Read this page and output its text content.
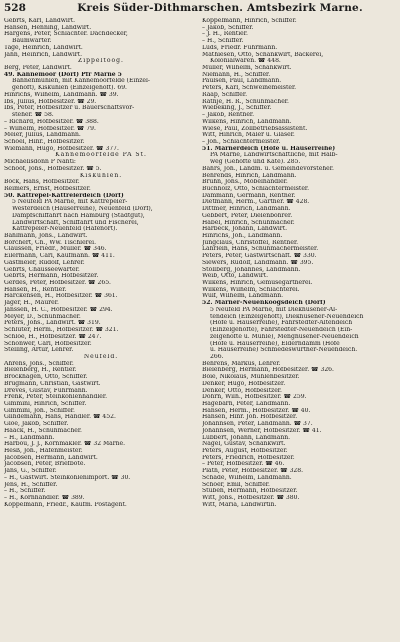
528	Kreis Süder-Dithmarschen. Amtsbezirk Marne.
Gebrts, Karl, Landwirt.
Hansen, Henning, Landwirt.
Hargens, Peter, Schlachter. Dachdecker,
Baumwärter.
Tage, Heinrich, Landwirt.
Jahn, Heinrich, Landwirt.
Zippeltoog.
Berg, Peter, Landwirt.
49. Kannemoor (Dorf) Pfr Marne 5
Bahnenmühlen, mit Kannemoorfelde (Einzel-
gehöft), Kiskuhlen (Einzelgehöft). 69.
Hinrichs, Wilhelm, Landmann. ☎ 39.
Ibs, Julius, Hofbesitzer. ☎ 29.
Ibs, Peter, Hofbesitzer u. Bauerschaftsvor-
steher. ☎ 58.
– Richard, Hofbesitzer. ☎ 388.
– Wilhelm, Hofbesitzer. ☎ 79.
Meier, Julius, Landmann.
Schoel, Hinr., Hofbesitzer.
Wiemann, Hugo, Hofbesitzer. ☎ 377.
Kannemoorfelde PA St.
Michaelisdonn P Nanti:
Schoof, Johs., Hofbesitzer. ☎ 5.
Kiskuhlen.
Bock, Hans, Hofbesitzer.
Reimers, Ernst, Hofbesitzer.
50. Kattrepel-Kattrelerdeich (Dorf)
5 Neufeld PA Marne, mit Kattrepeler-
Westerdeich (Häuserreihe), Neuenfeld (Dorf),
Dampfschiffahrt nach Hamburg (Stadtgut),
Landwirtschaft, Schiffahrt und Fischerei,
Kattrepeler-Neuenfeld (Hafenort).
Bahlmann, Johs., Landwirt.
Borchert, Ch., Ww. Tischlerei.
Claussen, Friedr., Müller. ☎ 346.
Eilermann, Carl, Kaufmann. ☎ 411.
Gastmeier, Rudolf, Lehrer.
Gebrts, Chausseewärter.
Gebrts, Hermann, Hofbesitzer.
Gerdes, Peter, Hofbesitzer. ☎ 265.
Hansen, H., Rentier.
Harckensen, H., Hofbesitzer. ☎ 361.
Jäger, H., Maurer.
Janssen, H. C., Hofbesitzer. ☎ 294.
Meyer, D., Schuhmacher.
Peters, Johs., Landwirt. ☎ 319.
Schlüter, Herm., Hofbesitzer. ☎ 321.
Schloe, H., Hofbesitzer. ☎ 247.
Schönwer, Carl, Hofbesitzer.
Stelling, Artur, Lehrer.
Neufeld.
Ahrens, Johs., Schiffer.
Bielenberg, H., Rentier.
Brockhagen, Otto, Schiffer.
Brügmann, Christian, Gastwirt.
Dreves, Gustav, Fuhrmann.
Frenk, Peter, Steinkohlenhändler.
Gimmini, Hinrich, Schiffer.
Gimmini, Joh., Schiffer.
Glindemann, Hans, Händler. ☎ 452.
Glöe, Jakob, Schiffer.
Haack, H., Schuhmacher.
– H., Landmann.
Harbou, J. J., Kornmakler. ☎ 32 Marne.
Hesß, Joh., Hafenmeister.
Jacobsen, Hermann, Landwirt.
Jacobsen, Peter, Briefbote.
Jans, G., Schiffer.
– H., Gastwirt. Steinkohlenimport. ☎ 30.
Jens, H., Schiffer.
– H., Schiffer.
– H., Kornhändler. ☎ 389.
Koppelmann, Friedr., Kaufm. Postagent.
Koppelmann, Hinrich, Schiffer.
– Jakob, Schiffer.
– J. H., Rentier.
– H., Schiffer.
Luds, Friedr. Fuhrmann.
Mathiesen, Otto, Schankwirt, Bäckerei,
Kolonialwaren. ☎ 448.
Müller, Wilhelm, Schankwirt.
Niemann, H., Schiffer.
Paulsen, Paul, Landmann.
Peters, Karl, Schweinemeister.
Raap, Schiffer.
Rathje, H. R., Schuhmacher.
Wiebeking, J., Schiffer.
– Jakob, Rentner.
Wilkens, Hinrich, Landmann.
Wiese, Paul, Zollbetriebsassistent.
Witt, Hinrich, Maler u. Glaser.
– Joh., Schlachtermeister.
51. Marnerdeich (Höfe u. Häuserreihe)
PA Marne, Landwirtschaftliche, mit Halb-
weg (Gehöfte und Kate). 285.
Bährs, Joh., Landm. u. Gemeindevorsteher.
Behrends, Hinrich, Landmann.
Bruhn, Johs., Möbelhändler.
Buchholz, Otto, Schlachtermeister.
Dammann, Germann, Rentner.
Dietmann, Herm., Gärtner. ☎ 428.
Dittmer, Hinrich, Landmann.
Gebbert, Peter, Dielenbohrer.
Habel, Hinrich, Schuhmacher.
Harbeck, Johann, Landwirt.
Hinrichs, Joh., Landmann.
Jungclaus, Christoffel, Rentner.
Lahrlein, Hans, Schuhmachermeister.
Peters, Peter, Gastwirtschaft. ☎ 330.
Siewers, Rudolf, Landmann. ☎ 395.
Stollberg, Johannes, Landmann.
Weib, Otto, Landwirt.
Wilkens, Hinrich, Gemüsegärtnerei.
Wilkens, Wilhelm, Schlachterei.
Wulf, Wilhelm, Landmann.
52. Marner-Neuenkoogsdeich (Dorf)
5 Neufeld PA Marne, mit Diekhusener-Al-
tendeich (Einzelgehöft), Diekhusener-Neuendeich
(Höfe u. Häuserreihe), Fahrstedter-Altendeich
(Einzelgehöfte), Fahrstedter-Neuendeich (Ein-
zelgehöfte u. Mühle), Menghusener-Neuendeich
(Höfe u. Häuserreihe), Elderndamm (Höfe
u. Häuserreihe) Schmedeswurther-Neuendeich.
266.
Behrens, Markus, Lehrer.
Bielenberg, Hermann, Hofbesitzer. ☎ 326.
Boie, Nikolaus, Mühlenbesitzer.
Denker, Hugo, Hofbesitzer.
Denker, Otto, Hofbesitzer.
Dohrn, Wilh., Hofbesitzer. ☎ 259.
Hagebarn, Peter, Landmann.
Hansen, Herm., Hofbesitzer. ☎ 40.
Hansen, Hinr. Joh. Hofbesitzer.
Johannsen, Peter, Landmann. ☎ 37.
Johannsen, Werner, Hofbesitzer. ☎ 41.
Lübbert, Johann, Landmann.
Nagel, Gustav, Schankwirt.
Peters, August, Hofbesitzer.
Peters, Friedrich, Hofbesitzer.
– Peter, Hofbesitzer. ☎ 46.
Plath, Peter, Hofbesitzer. ☎ 328.
Schade, Wilhelm, Landmann.
Schoer, Emil, Schiffer.
Stüben, Hermann, Hofbesitzer.
Witt, Johs., Hofbesitzer. ☎ 380.
Witt, Maria, Landwirtin.
